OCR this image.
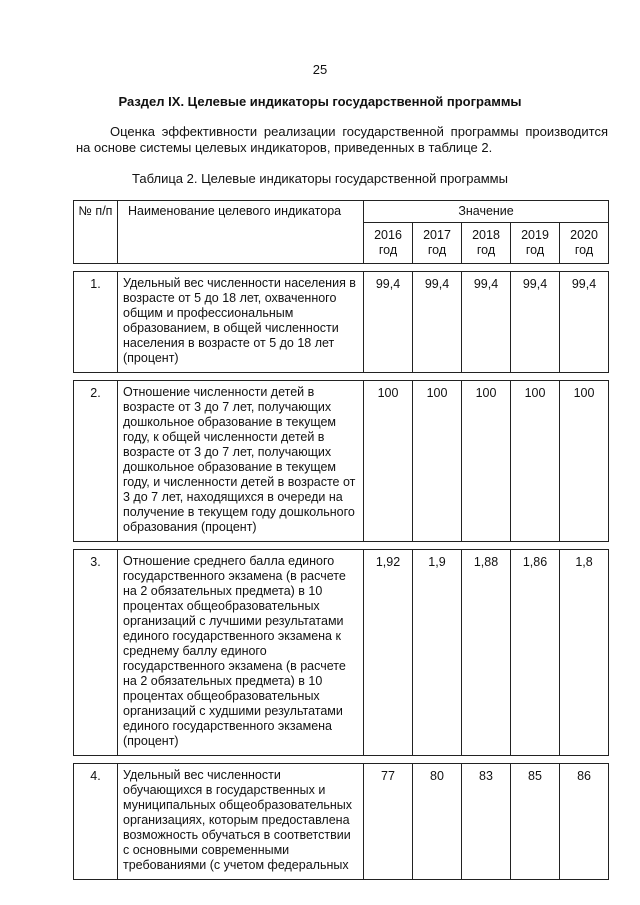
25
Раздел IX. Целевые индикаторы государственной программы
Оценка эффективности реализации государственной программы производится на основе системы целевых индикаторов, приведенных в таблице 2.
Таблица 2. Целевые индикаторы государственной программы
№ п/п	Наименование целевого индикатора	Значение				
		2016 год	2017 год	2018 год	2019 год	2020 год

1.	Удельный вес численности населения в возрасте от 5 до 18 лет, охваченного общим и профессиональным образованием, в общей численности населения в возрасте от 5 до 18 лет (процент)	99,4	99,4	99,4	99,4	99,4

2.	Отношение численности детей в возрасте от 3 до 7 лет, получающих дошкольное образование в текущем году, к общей численности детей в возрасте от 3 до 7 лет, получающих дошкольное образование в текущем году, и численности детей в возрасте от 3 до 7 лет, находящихся в очереди на получение в текущем году дошкольного образования (процент)	100	100	100	100	100

3.	Отношение среднего балла единого государственного экзамена (в расчете на 2 обязательных предмета) в 10 процентах общеобразовательных организаций с лучшими результатами единого государственного экзамена к среднему баллу единого государственного экзамена (в расчете на 2 обязательных предмета) в 10 процентах общеобразовательных организаций с худшими результатами единого государственного экзамена (процент)	1,92	1,9	1,88	1,86	1,8

4.	Удельный вес численности обучающихся в государственных и муниципальных общеобразовательных организациях, которым предоставлена возможность обучаться в соответствии с основными современными требованиями (с учетом федеральных	77	80	83	85	86
